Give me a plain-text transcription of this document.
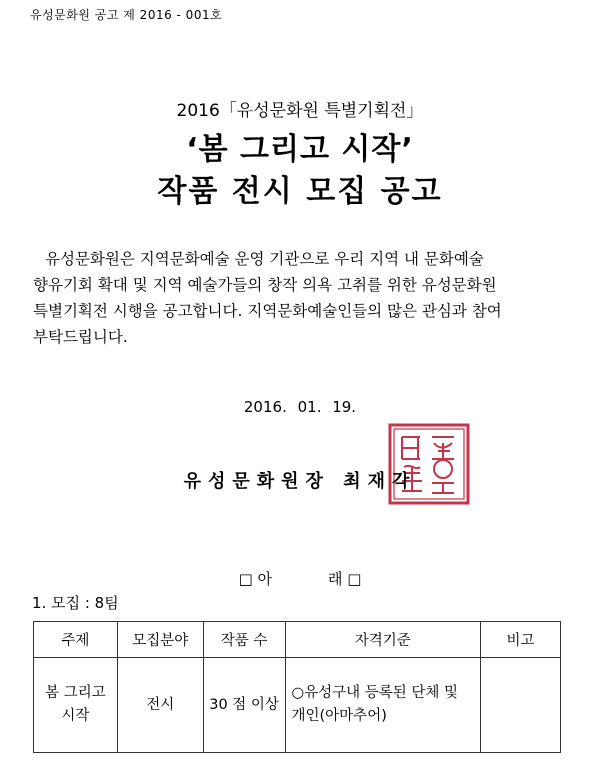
유성문화원 공고 제 2016 - 001호
2016「유성문화원 특별기획전」
‘봄 그리고 시작’
작품 전시 모집 공고

유성문화원은 지역문화예술 운영 기관으로 우리 지역 내 문화예술

향유기회 확대 및 지역 예술가들의 창작 의욕 고취를 위한 유성문화원

특별기획전 시행을 공고합니다. 지역문화예술인들의 많은 관심과 참여

부탁드립니다.

2016. 01. 19.
유성문화원장 최재각
□ 아	래 □
1. 모집 : 8팀
주제	모집분야	작품 수	자격기준	비고
봄 그리고
시작	전시	30 점 이상	○유성구내 등록된 단체 및
개인(아마추어)	
